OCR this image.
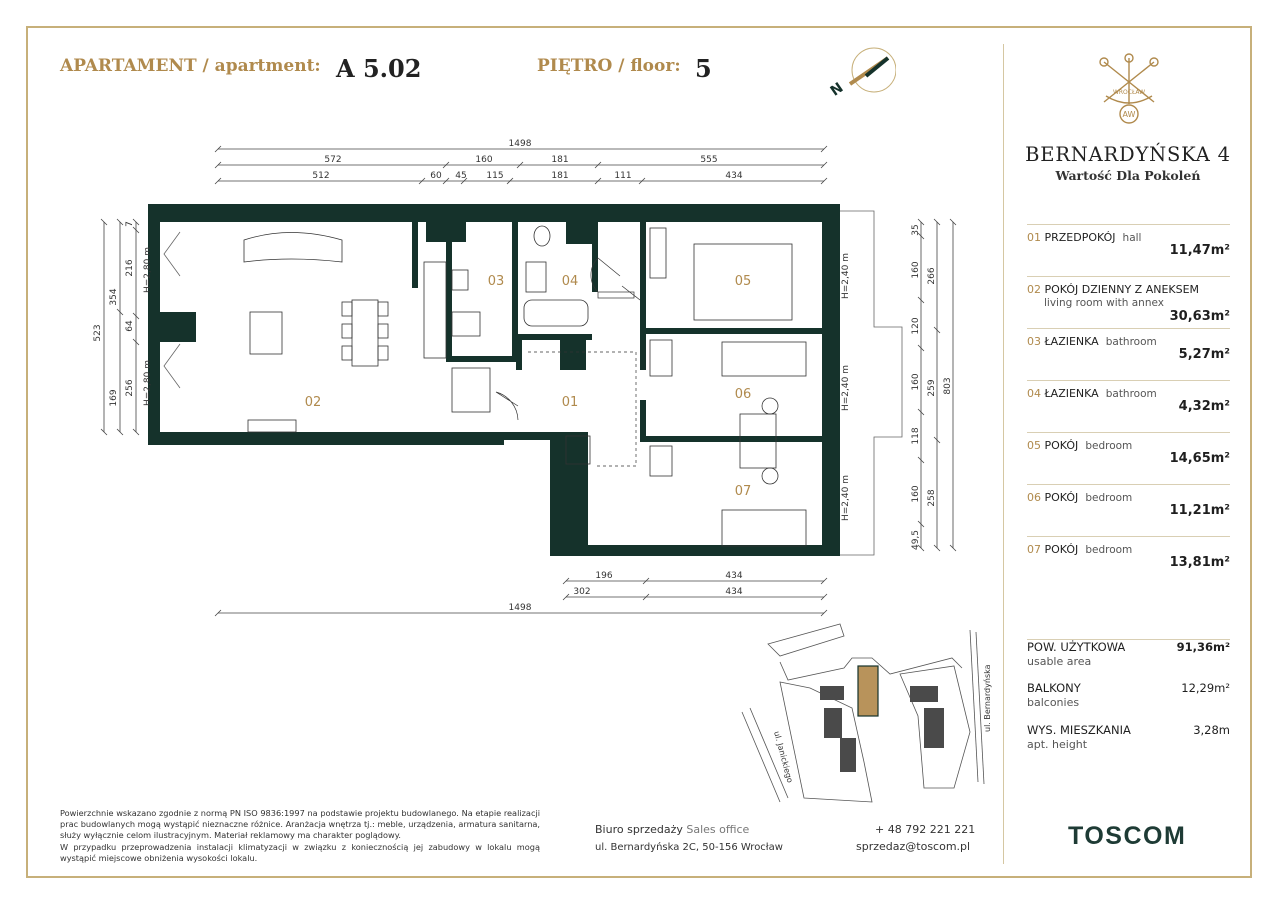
APARTAMENT / apartment: A 5.02	PIĘTRO / floor: 5
N	WROCŁAW
AW
BERNARDYŃSKA 4
Wartość Dla Pokoleń
01 PRZEDPOKÓJ hall
11,47m²
02 POKÓJ DZIENNY Z ANEKSEM
living room with annex
30,63m²
03 ŁAZIENKA bathroom
5,27m²
04 ŁAZIENKA bathroom
4,32m²
05 POKÓJ bedroom
14,65m²
06 POKÓJ bedroom
11,21m²
07 POKÓJ bedroom
13,81m²
POW. UŻYTKOWA
usable area
91,36m²
BALKONY
balconies
12,29m²
WYS. MIESZKANIA
apt. height
3,28m
1498
572	160	181	555
512	60 45 115	181	111	434
196	434
302	434
1498
523
354
169
7
216
64
256
35
160
120
160
118
160
49,5
266
259
258
803
01
02
03	04	05
06
07
H=2,40 m
H=2,40 m
H=2,40 m
H=2,80 m
H=2,80 m
ul. Bernardyńska
ul. Janickiego
Powierzchnie wskazano zgodnie z normą PN ISO 9836:1997 na podstawie projektu budowlanego. Na etapie realizacji prac budowlanych mogą wystąpić nieznaczne różnice. Aranżacja wnętrza tj.: meble, urządzenia, armatura sanitarna, służy wyłącznie celom ilustracyjnym. Materiał reklamowy ma charakter poglądowy.
W przypadku przeprowadzenia instalacji klimatyzacji w związku z koniecznością jej zabudowy w lokalu mogą wystąpić miejscowe obniżenia wysokości lokalu.
Biuro sprzedaży Sales office
ul. Bernardyńska 2C, 50-156 Wrocław
+ 48 792 221 221
sprzedaz@toscom.pl	TOSCOM
